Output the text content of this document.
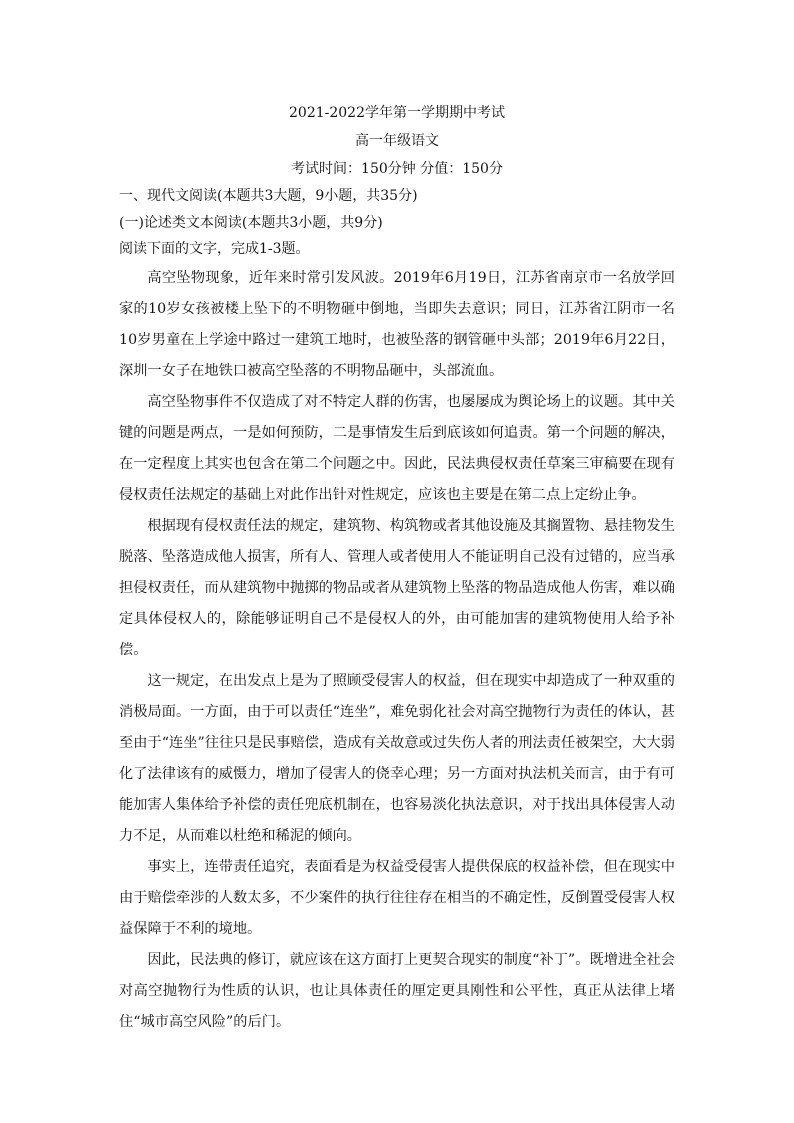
2021-2022学年第一学期期中考试

高一年级语文

考试时间：150分钟 分值：150分

一、现代文阅读(本题共3大题，9小题，共35分)

(一)论述类文本阅读(本题共3小题，共9分)

阅读下面的文字，完成1-3题。

高空坠物现象，近年来时常引发风波。2019年6月19日，江苏省南京市一名放学回家的10岁女孩被楼上坠下的不明物砸中倒地，当即失去意识；同日，江苏省江阴市一名10岁男童在上学途中路过一建筑工地时，也被坠落的钢管砸中头部；2019年6月22日，深圳一女子在地铁口被高空坠落的不明物品砸中，头部流血。

高空坠物事件不仅造成了对不特定人群的伤害，也屡屡成为舆论场上的议题。其中关键的问题是两点，一是如何预防，二是事情发生后到底该如何追责。第一个问题的解决，在一定程度上其实也包含在第二个问题之中。因此，民法典侵权责任草案三审稿要在现有侵权责任法规定的基础上对此作出针对性规定，应该也主要是在第二点上定纷止争。

根据现有侵权责任法的规定，建筑物、构筑物或者其他设施及其搁置物、悬挂物发生脱落、坠落造成他人损害，所有人、管理人或者使用人不能证明自己没有过错的，应当承担侵权责任，而从建筑物中抛掷的物品或者从建筑物上坠落的物品造成他人伤害，难以确定具体侵权人的，除能够证明自己不是侵权人的外，由可能加害的建筑物使用人给予补偿。

这一规定，在出发点上是为了照顾受侵害人的权益，但在现实中却造成了一种双重的消极局面。一方面，由于可以责任“连坐”，难免弱化社会对高空抛物行为责任的体认，甚至由于“连坐”往往只是民事赔偿，造成有关故意或过失伤人者的刑法责任被架空，大大弱化了法律该有的威慑力，增加了侵害人的侥幸心理；另一方面对执法机关而言，由于有可能加害人集体给予补偿的责任兜底机制在，也容易淡化执法意识，对于找出具体侵害人动力不足，从而难以杜绝和稀泥的倾向。

事实上，连带责任追究，表面看是为权益受侵害人提供保底的权益补偿，但在现实中由于赔偿牵涉的人数太多，不少案件的执行往往存在相当的不确定性，反倒置受侵害人权益保障于不利的境地。

因此，民法典的修订，就应该在这方面打上更契合现实的制度“补丁”。既增进全社会对高空抛物行为性质的认识，也让具体责任的厘定更具刚性和公平性，真正从法律上堵住“城市高空风险”的后门。
